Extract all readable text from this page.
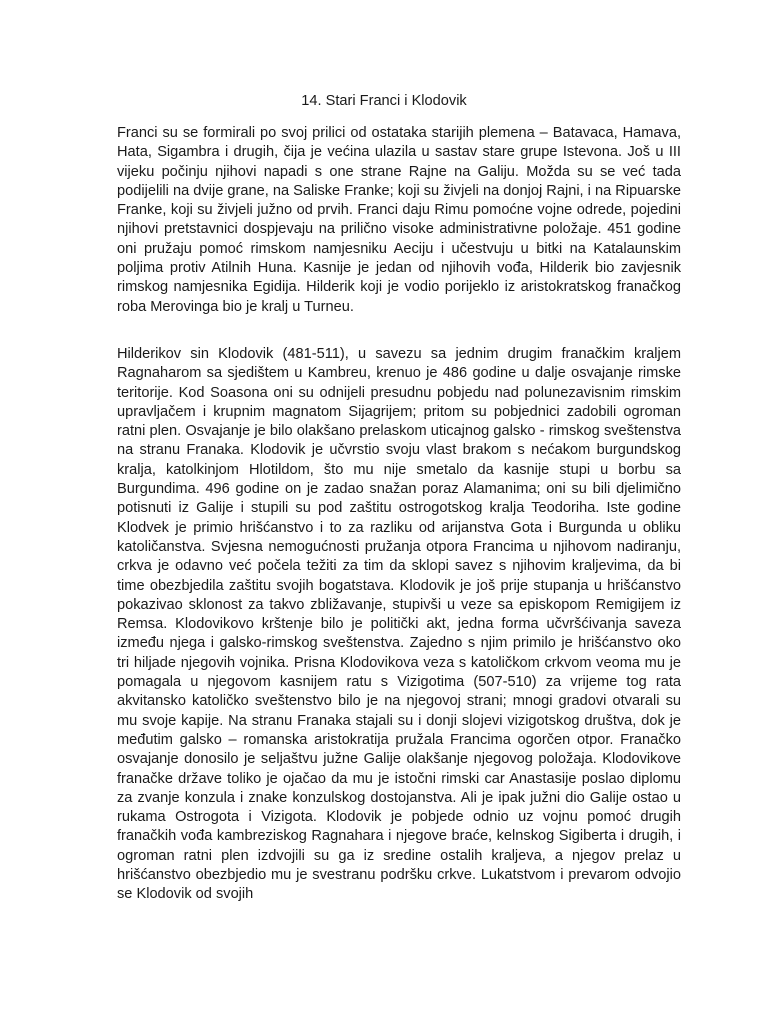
14. Stari Franci i Klodovik

Franci su se formirali po svoj prilici od ostataka starijih plemena – Batavaca, Hamava, Hata, Sigambra i drugih, čija je većina ulazila u sastav stare grupe Istevona. Još u III vijeku počinju njihovi napadi s one strane Rajne na Galiju. Možda su se već tada podijelili na dvije grane, na Saliske Franke; koji su živjeli na donjoj Rajni, i na Ripuarske Franke, koji su živjeli južno od prvih. Franci daju Rimu pomoćne vojne odrede, pojedini njihovi pretstavnici dospjevaju na prilično visoke administrativne položaje. 451 godine oni pružaju pomoć rimskom namjesniku Aeciju i učestvuju u bitki na Katalaunskim poljima protiv Atilnih Huna. Kasnije je jedan od njihovih vođa, Hilderik bio zavjesnik rimskog namjesnika Egidija. Hilderik koji je vodio porijeklo iz aristokratskog franačkog roba Merovinga bio je kralj u Turneu.

Hilderikov sin Klodovik (481-511), u savezu sa jednim drugim franačkim kraljem Ragnaharom sa sjedištem u Kambreu, krenuo je 486 godine u dalje osvajanje rimske teritorije. Kod Soasona oni su odnijeli presudnu pobjedu nad polunezavisnim rimskim upravljačem i krupnim magnatom Sijagrijem; pritom su pobjednici zadobili ogroman ratni plen. Osvajanje je bilo olakšano prelaskom uticajnog galsko - rimskog sveštenstva na stranu Franaka. Klodovik je učvrstio svoju vlast brakom s nećakom burgundskog kralja, katolkinjom Hlotildom, što mu nije smetalo da kasnije stupi u borbu sa Burgundima. 496 godine on je zadao snažan poraz Alamanima; oni su bili djelimično potisnuti iz Galije i stupili su pod zaštitu ostrogotskog kralja Teodoriha. Iste godine Klodvek je primio hrišćanstvo i to za razliku od arijanstva Gota i Burgunda u obliku katoličanstva. Svjesna nemogućnosti pružanja otpora Francima u njihovom nadiranju, crkva je odavno već počela težiti za tim da sklopi savez s njihovim kraljevima, da bi time obezbjedila zaštitu svojih bogatstava. Klodovik je još prije stupanja u hrišćanstvo pokazivao sklonost za takvo zbližavanje, stupivši u veze sa episkopom Remigijem iz Remsa. Klodovikovo krštenje bilo je politički akt, jedna forma učvršćivanja saveza između njega i galsko-rimskog sveštenstva. Zajedno s njim primilo je hrišćanstvo oko tri hiljade njegovih vojnika. Prisna Klodovikova veza s katoličkom crkvom veoma mu je pomagala u njegovom kasnijem ratu s Vizigotima (507-510) za vrijeme tog rata akvitansko katoličko sveštenstvo bilo je na njegovoj strani; mnogi gradovi otvarali su mu svoje kapije. Na stranu Franaka stajali su i donji slojevi vizigotskog društva, dok je međutim galsko – romanska aristokratija pružala Francima ogorčen otpor. Franačko osvajanje donosilo je seljaštvu južne Galije olakšanje njegovog položaja. Klodovikove franačke države toliko je ojačao da mu je istočni rimski car Anastasije poslao diplomu za zvanje konzula i znake konzulskog dostojanstva. Ali je ipak južni dio Galije ostao u rukama Ostrogota i Vizigota. Klodovik je pobjede odnio uz vojnu pomoć drugih franačkih vođa kambreziskog Ragnahara i njegove braće, kelnskog Sigiberta i drugih, i ogroman ratni plen izdvojili su ga iz sredine ostalih kraljeva, a njegov prelaz u hrišćanstvo obezbjedio mu je svestranu podršku crkve. Lukatstvom i prevarom odvojio se Klodovik od svojih
